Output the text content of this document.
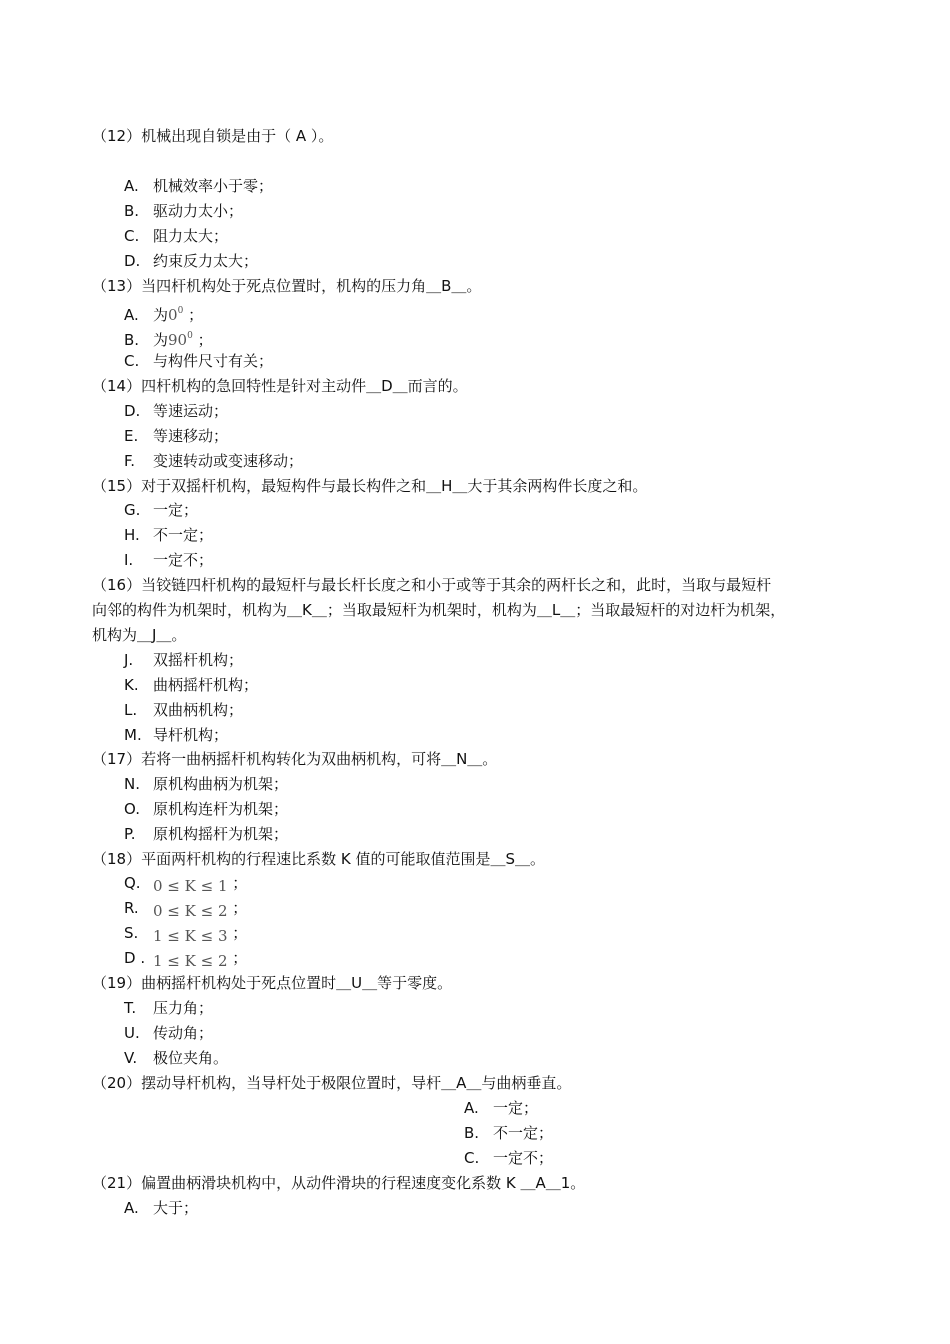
（12）机械出现自锁是由于（ A ）。
A. 机械效率小于零；
B. 驱动力太小；
C. 阻力太大；
D. 约束反力太大；
（13）当四杆机构处于死点位置时，机构的压力角＿B＿。
A. 为$0^0$ ；
B. 为$90^0$ ；
C. 与构件尺寸有关；
（14）四杆机构的急回特性是针对主动件＿D＿而言的。
D. 等速运动；
E. 等速移动；
F. 变速转动或变速移动；
（15）对于双摇杆机构，最短构件与最长构件之和＿H＿大于其余两构件长度之和。
G. 一定；
H. 不一定；
I. 一定不；
（16）当铰链四杆机构的最短杆与最长杆长度之和小于或等于其余的两杆长之和，此时，当取与最短杆
向邻的构件为机架时，机构为＿K＿；当取最短杆为机架时，机构为＿L＿；当取最短杆的对边杆为机架，
机构为＿J＿。
J. 双摇杆机构；
K. 曲柄摇杆机构；
L. 双曲柄机构；
M. 导杆机构；
（17）若将一曲柄摇杆机构转化为双曲柄机构，可将＿N＿。
N. 原机构曲柄为机架；
O. 原机构连杆为机架；
P. 原机构摇杆为机架；
（18）平面两杆机构的行程速比系数 K 值的可能取值范围是＿S＿。
Q. 0 ≤ K ≤ 1 ；
R. 0 ≤ K ≤ 2 ；
S. 1 ≤ K ≤ 3 ；
D . 1 ≤ K ≤ 2 ；
（19）曲柄摇杆机构处于死点位置时＿U＿等于零度。
T. 压力角；
U. 传动角；
V. 极位夹角。
（20）摆动导杆机构，当导杆处于极限位置时，导杆＿A＿与曲柄垂直。
A. 一定；
B. 不一定；
C. 一定不；
（21）偏置曲柄滑块机构中，从动件滑块的行程速度变化系数 K ＿A＿1。
A. 大于；
